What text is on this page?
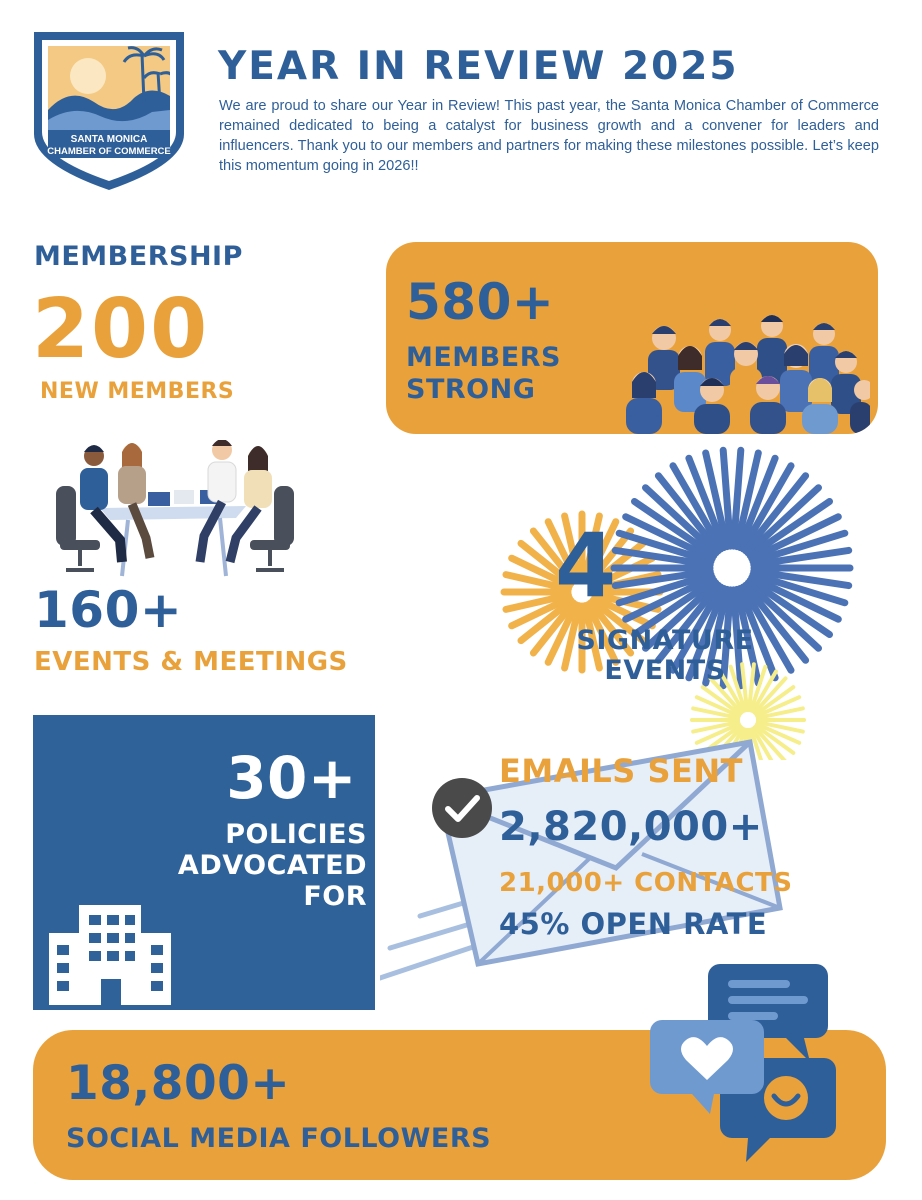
SANTA MONICA
CHAMBER OF COMMERCE
YEAR IN REVIEW 2025
We are proud to share our Year in Review! This past year, the Santa Monica Chamber of Commerce remained dedicated to being a catalyst for business growth and a convener for leaders and influencers. Thank you to our members and partners for making these milestones possible. Let’s keep this momentum going in 2026!!
MEMBERSHIP
200
NEW MEMBERS
580+
MEMBERS
STRONG
160+
EVENTS & MEETINGS
4
SIGNATURE
EVENTS
30+
POLICIES
ADVOCATED
FOR
EMAILS SENT
2,820,000+
21,000+ CONTACTS
45% OPEN RATE
18,800+
SOCIAL MEDIA FOLLOWERS
